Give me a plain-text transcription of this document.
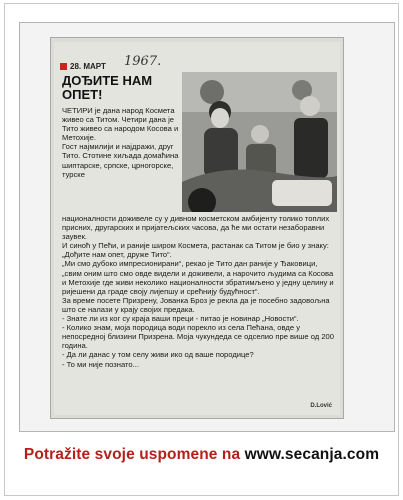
28. МАРТ 1967.
ДОЂИТЕ НАМ ОПЕТ!

ЧЕТИРИ је дана народ Космета живео са Титом. Четири дана је Тито живео са народом Косова и Метохије.

Гост најмилији и најдражи, друг Тито. Стотине хиљада домаћина шиптарске, српске, црногорске, турске

националности доживеле су у дивном косметском амбијенту толико топлих присних, другарских и пријатељских часова, да ће ми остати незаборавни заувек.

И синоћ у Пећи, и раније широм Космета, растанак са Титом је био у знаку: „Дођите нам опет, друже Тито“.

„Ми смо дубоко импресионирани“, рекао је Тито дан раније у Ђаковици, „свим оним што смо овде видели и доживели, а нарочито људима са Косова и Метохије где живи неколико националности збратимљено у једну целину и ријешени да граде своју лијепшу и срећнију будућност“.

За време посете Призрену, Јованка Броз је рекла да је посебно задовољна што се налази у крају својих предака.

- Знате ли из ког су краја ваши преци - питао је новинар „Новости“.

- Колико знам, моја породица води порекло из села Пећана, овде у непосредној близини Призрена. Моја чукундеда се одселио пре више од 200 година.

- Да ли данас у том селу живи ико од ваше породице?

- То ми није познато...

D.Lović
Potražite svoje uspomene na www.secanja.com
